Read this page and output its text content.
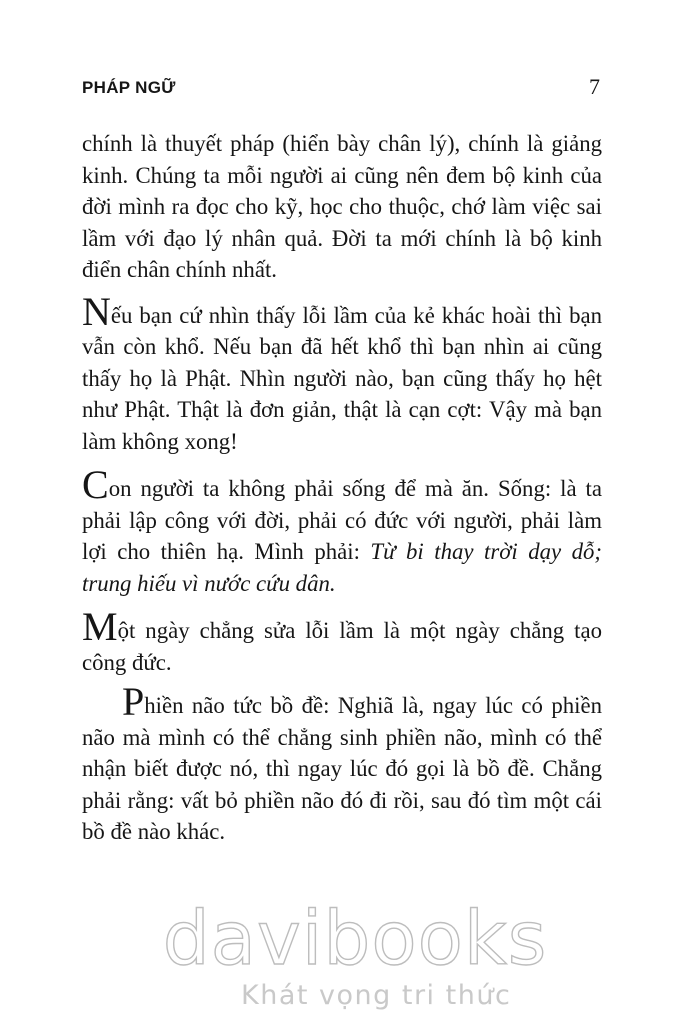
PHÁP NGỮ	7

chính là thuyết pháp (hiển bày chân lý), chính là giảng kinh. Chúng ta mỗi người ai cũng nên đem bộ kinh của đời mình ra đọc cho kỹ, học cho thuộc, chớ làm việc sai lầm với đạo lý nhân quả. Đời ta mới chính là bộ kinh điển chân chính nhất.

Nếu bạn cứ nhìn thấy lỗi lầm của kẻ khác hoài thì bạn vẫn còn khổ. Nếu bạn đã hết khổ thì bạn nhìn ai cũng thấy họ là Phật. Nhìn người nào, bạn cũng thấy họ hệt như Phật. Thật là đơn giản, thật là cạn cợt: Vậy mà bạn làm không xong!

Con người ta không phải sống để mà ăn. Sống: là ta phải lập công với đời, phải có đức với người, phải làm lợi cho thiên hạ. Mình phải: Từ bi thay trời dạy dỗ; trung hiếu vì nước cứu dân.

Một ngày chẳng sửa lỗi lầm là một ngày chẳng tạo công đức.

Phiền não tức bồ đề: Nghiã là, ngay lúc có phiền não mà mình có thể chẳng sinh phiền não, mình có thể nhận biết được nó, thì ngay lúc đó gọi là bồ đề. Chẳng phải rằng: vất bỏ phiền não đó đi rồi, sau đó tìm một cái bồ đề nào khác.

davibooks
Khát vọng tri thức
